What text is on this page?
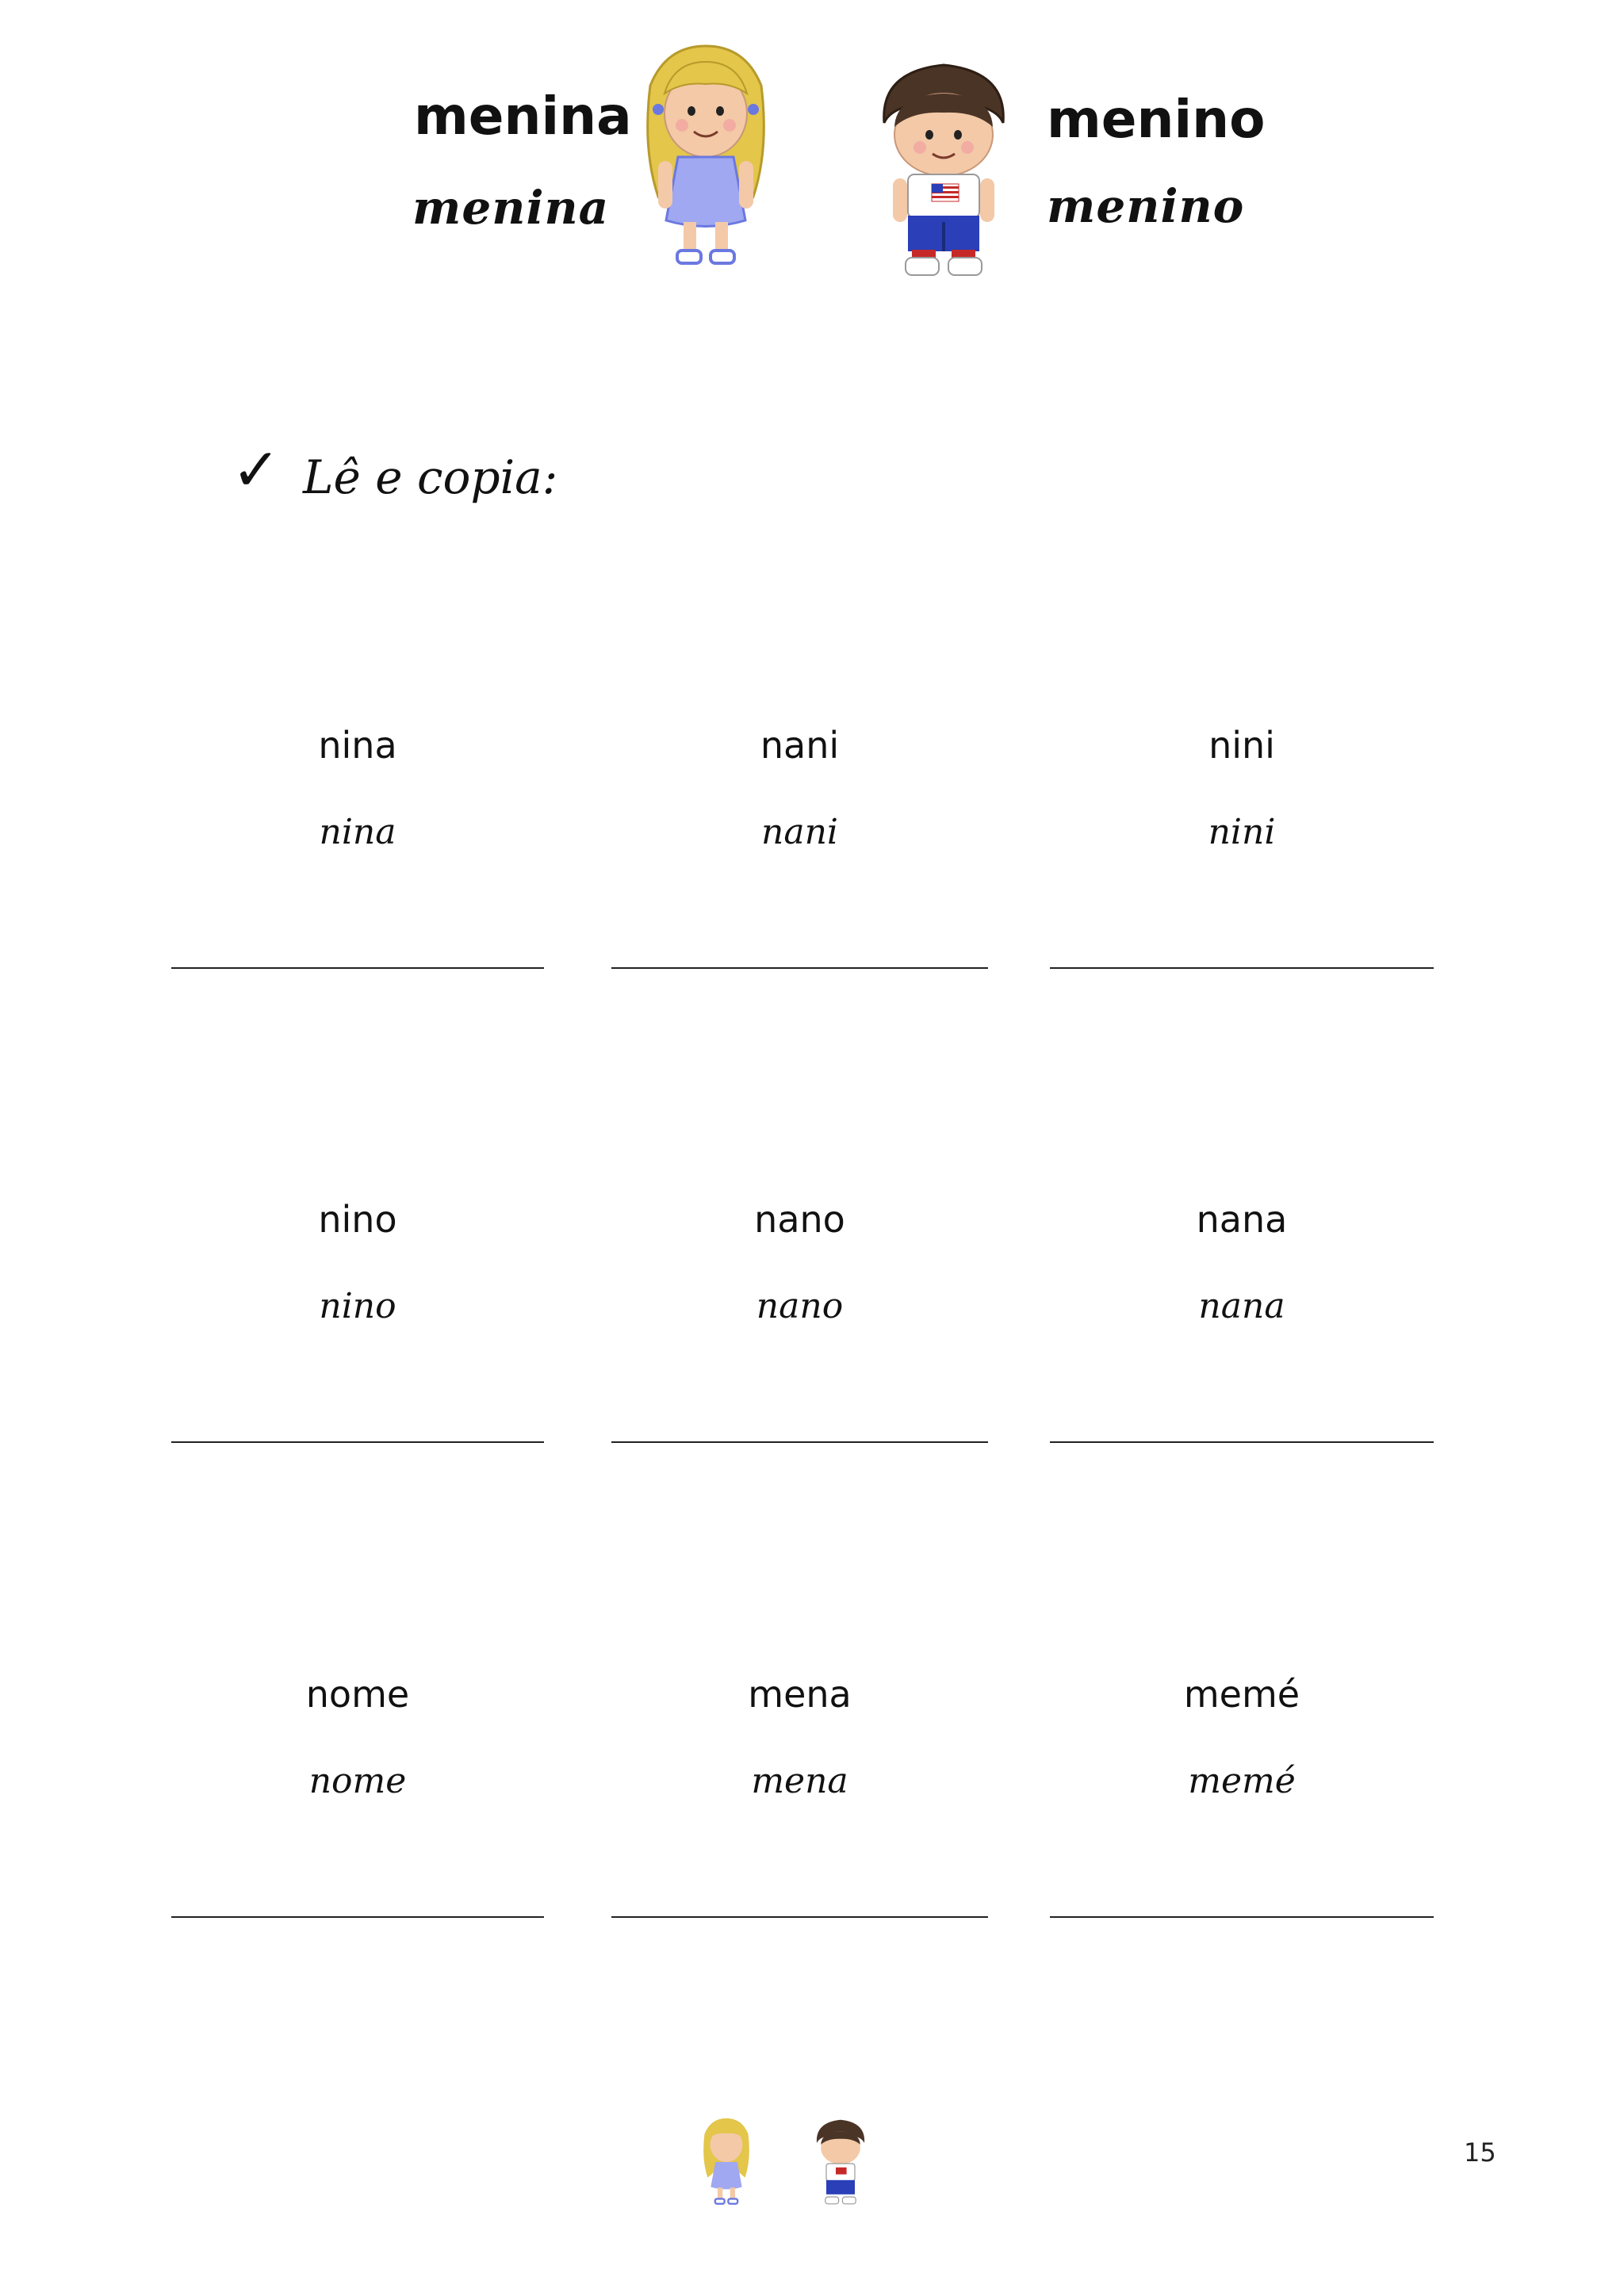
menina
menina
menino
menino
✓ Lê e copia:
nina
nina
nani
nani
nini
nini
nino
nino
nano
nano
nana
nana
nome
nome
mena
mena
memé
memé
15
